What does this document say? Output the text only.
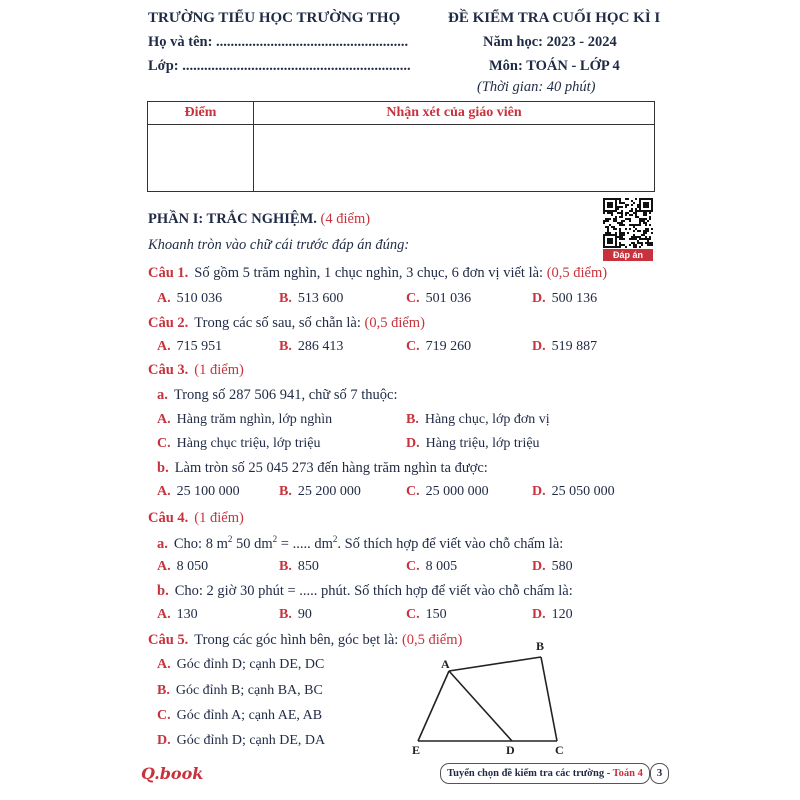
TRƯỜNG TIỂU HỌC TRƯỜNG THỌ	ĐỀ KIỂM TRA CUỐI HỌC KÌ I
Họ và tên: .....................................................	Năm học: 2023 - 2024
Lớp: ...............................................................	Môn: TOÁN - LỚP 4
(Thời gian: 40 phút)
Điểm	Nhận xét của giáo viên

Đáp án
PHẦN I: TRẮC NGHIỆM. (4 điểm)
Khoanh tròn vào chữ cái trước đáp án đúng:
Câu 1. Số gồm 5 trăm nghìn, 1 chục nghìn, 3 chục, 6 đơn vị viết là: (0,5 điểm)
A. 510 036	B. 513 600	C. 501 036	D. 500 136
Câu 2. Trong các số sau, số chẵn là: (0,5 điểm)
A. 715 951	B. 286 413	C. 719 260	D. 519 887
Câu 3. (1 điểm)
a. Trong số 287 506 941, chữ số 7 thuộc:
A. Hàng trăm nghìn, lớp nghìn	B. Hàng chục, lớp đơn vị
C. Hàng chục triệu, lớp triệu	D. Hàng triệu, lớp triệu
b. Làm tròn số 25 045 273 đến hàng trăm nghìn ta được:
A. 25 100 000	B. 25 200 000	C. 25 000 000	D. 25 050 000
Câu 4. (1 điểm)
a. Cho: 8 $m^2$ 50 $dm^2$ = ..... $dm^2$. Số thích hợp để viết vào chỗ chấm là:
A. 8 050	B. 850	C. 8 005	D. 580
b. Cho: 2 giờ 30 phút = ..... phút. Số thích hợp để viết vào chỗ chấm là:
A. 130	B. 90	C. 150	D. 120
Câu 5. Trong các góc hình bên, góc bẹt là: (0,5 điểm)
A. Góc đỉnh D; cạnh DE, DC
B. Góc đỉnh B; cạnh BA, BC
C. Góc đỉnh A; cạnh AE, AB
D. Góc đỉnh D; cạnh DE, DA
A
B
C
D
E
Q.book	Tuyển chọn đề kiểm tra các trường - Toán 4	3
